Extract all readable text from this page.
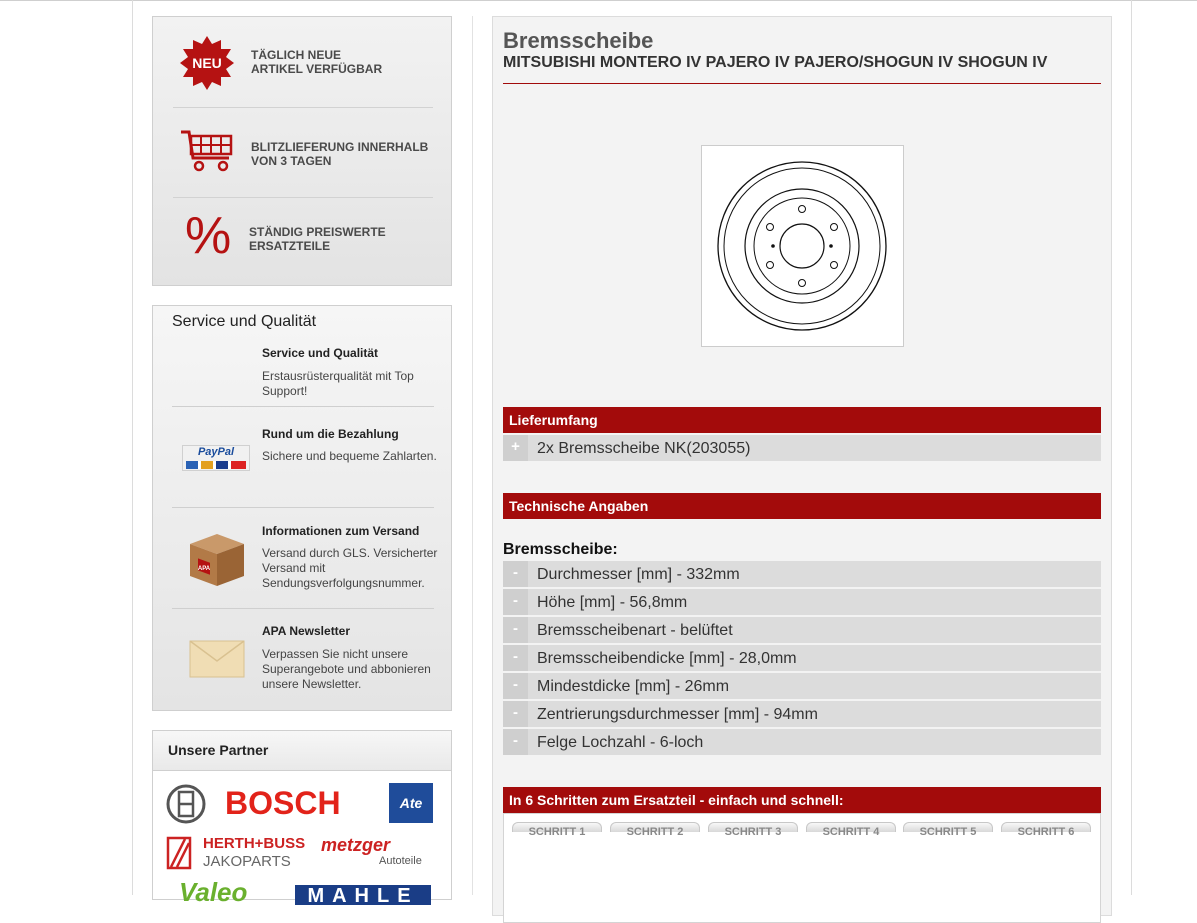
NEU TÄGLICH NEUE
ARTIKEL VERFÜGBAR
BLITZLIEFERUNG INNERHALB
VON 3 TAGEN
% STÄNDIG PREISWERTE
ERSATZTEILE
Service und Qualität
Service und Qualität
Erstausrüsterqualität mit Top Support!
PayPal
Rund um die Bezahlung
Sichere und bequeme Zahlarten.
APA
Informationen zum Versand
Versand durch GLS. Versicherter Versand mit Sendungsverfolgungsnummer.
APA Newsletter
Verpassen Sie nicht unsere Superangebote und abbonieren unsere Newsletter.
Unsere Partner
BOSCH	Ate
HERTH+BUSS
JAKOPARTS
metzger
Autoteile
Valeo	MAHLE
Bremsscheibe
MITSUBISHI MONTERO IV PAJERO IV PAJERO/SHOGUN IV SHOGUN IV
Lieferumfang
+	2x Bremsscheibe NK(203055)
Technische Angaben
Bremsscheibe:
-	Durchmesser [mm] - 332mm
-	Höhe [mm] - 56,8mm
-	Bremsscheibenart - belüftet
-	Bremsscheibendicke [mm] - 28,0mm
-	Mindestdicke [mm] - 26mm
-	Zentrierungsdurchmesser [mm] - 94mm
-	Felge Lochzahl - 6-loch
In 6 Schritten zum Ersatzteil - einfach und schnell:
SCHRITT 1	SCHRITT 2	SCHRITT 3	SCHRITT 4	SCHRITT 5	SCHRITT 6
